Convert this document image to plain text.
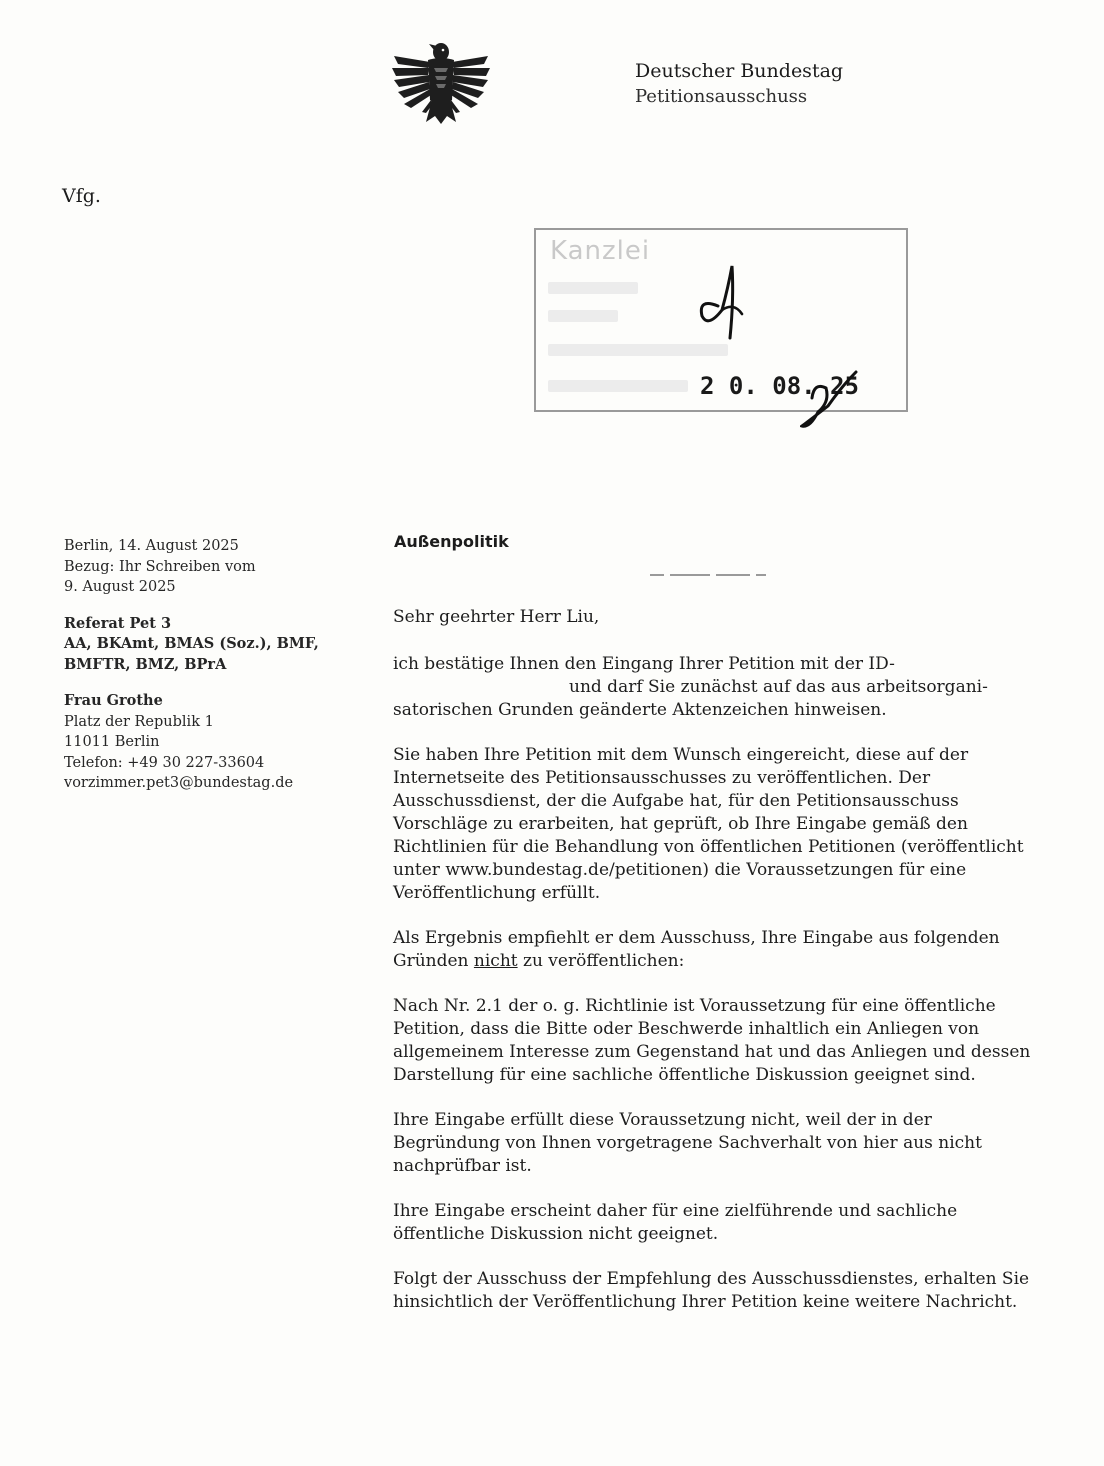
Deutscher Bundestag
Petitionsausschuss
Vfg.
Kanzlei
2 0. 08. 25

Berlin, 14. August 2025

Bezug: Ihr Schreiben vom

9. August 2025

Referat Pet 3

AA, BKAmt, BMAS (Soz.), BMF,

BMFTR, BMZ, BPrA

Frau Grothe

Platz der Republik 1

11011 Berlin

Telefon: +49 30 227-33604

vorzimmer.pet3@bundestag.de

Außenpolitik

Sehr geehrter Herr Liu,

ich bestätige Ihnen den Eingang Ihrer Petition mit der ID-
und darf Sie zunächst auf das aus arbeitsorgani-
satorischen Grunden geänderte Aktenzeichen hinweisen.

Sie haben Ihre Petition mit dem Wunsch eingereicht, diese auf der Internetseite des Petitionsausschusses zu veröffentlichen. Der Ausschussdienst, der die Aufgabe hat, für den Petitionsausschuss Vorschläge zu erarbeiten, hat geprüft, ob Ihre Eingabe gemäß den Richtlinien für die Behandlung von öffentlichen Petitionen (veröffentlicht unter www.bundestag.de/petitionen) die Voraussetzungen für eine Veröffentlichung erfüllt.

Als Ergebnis empfiehlt er dem Ausschuss, Ihre Eingabe aus folgenden Gründen nicht zu veröffentlichen:

Nach Nr. 2.1 der o. g. Richtlinie ist Voraussetzung für eine öffentliche Petition, dass die Bitte oder Beschwerde inhaltlich ein Anliegen von allgemeinem Interesse zum Gegenstand hat und das Anliegen und dessen Darstellung für eine sachliche öffentliche Diskussion geeignet sind.

Ihre Eingabe erfüllt diese Voraussetzung nicht, weil der in der Begründung von Ihnen vorgetragene Sachverhalt von hier aus nicht nachprüfbar ist.

Ihre Eingabe erscheint daher für eine zielführende und sachliche öffentliche Diskussion nicht geeignet.

Folgt der Ausschuss der Empfehlung des Ausschussdienstes, erhalten Sie hinsichtlich der Veröffentlichung Ihrer Petition keine weitere Nachricht.
